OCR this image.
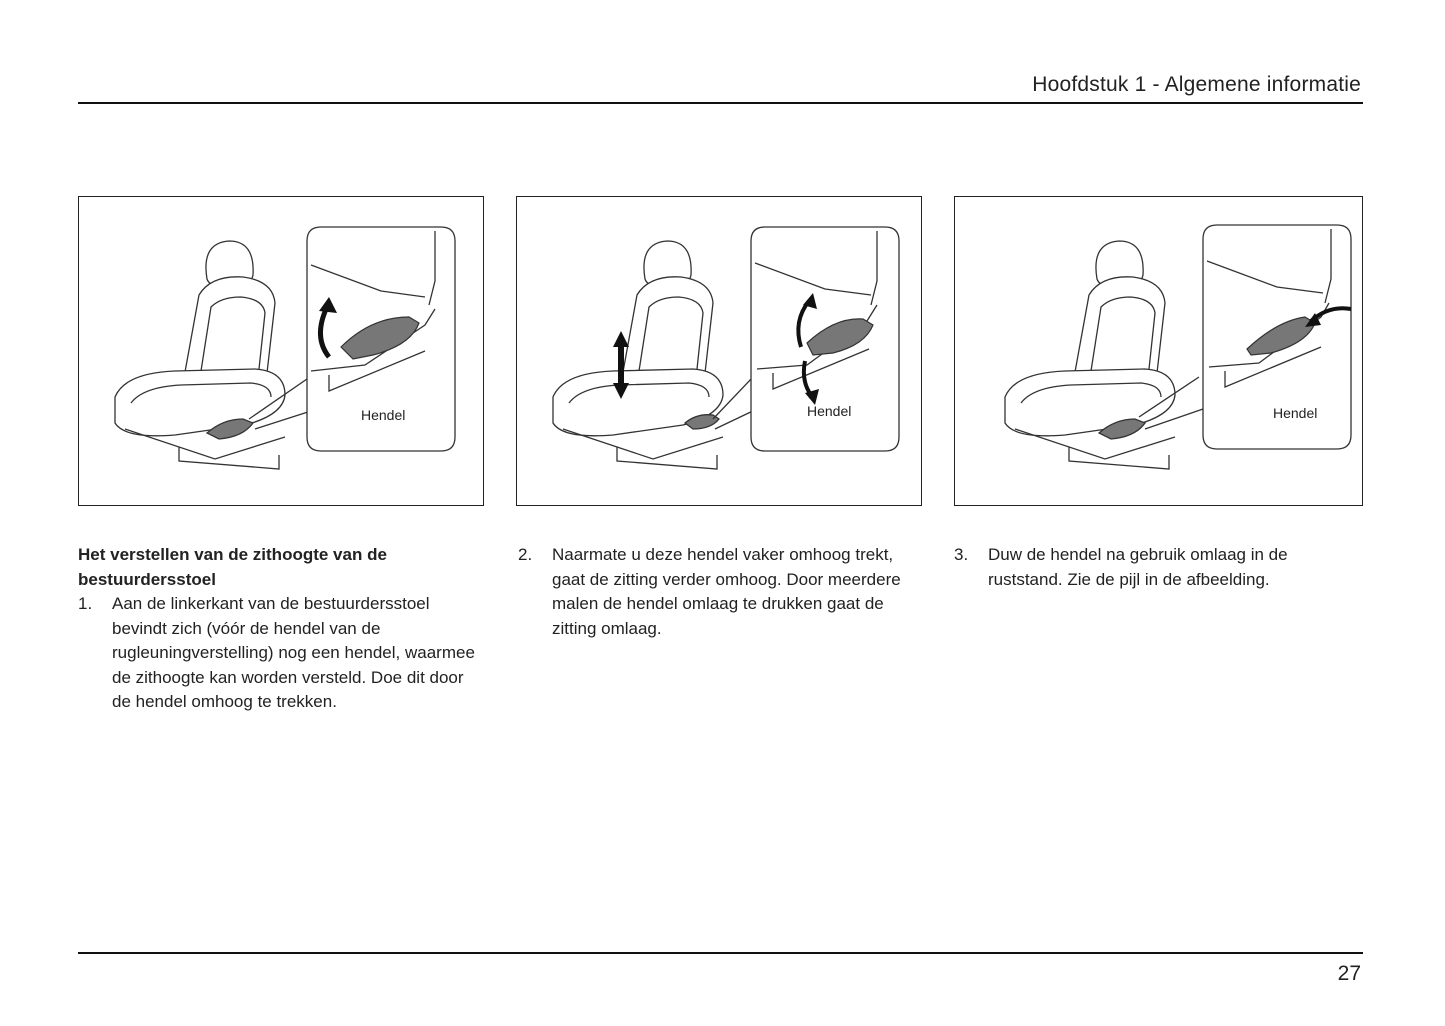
Hoofdstuk 1 - Algemene informatie
Hendel	Hendel	Hendel

Het verstellen van de zithoogte van de bestuurdersstoel

1.	Aan de linkerkant van de bestuurdersstoel bevindt zich (vóór de hendel van de rugleuningverstelling) nog een hendel, waarmee de zithoogte kan worden versteld. Doe dit door de hendel omhoog te trekken.
2.	Naarmate u deze hendel vaker omhoog trekt, gaat de zitting verder omhoog. Door meerdere malen de hendel omlaag te drukken gaat de zitting omlaag.
3.	Duw de hendel na gebruik omlaag in de ruststand. Zie de pijl in de afbeelding.
27
